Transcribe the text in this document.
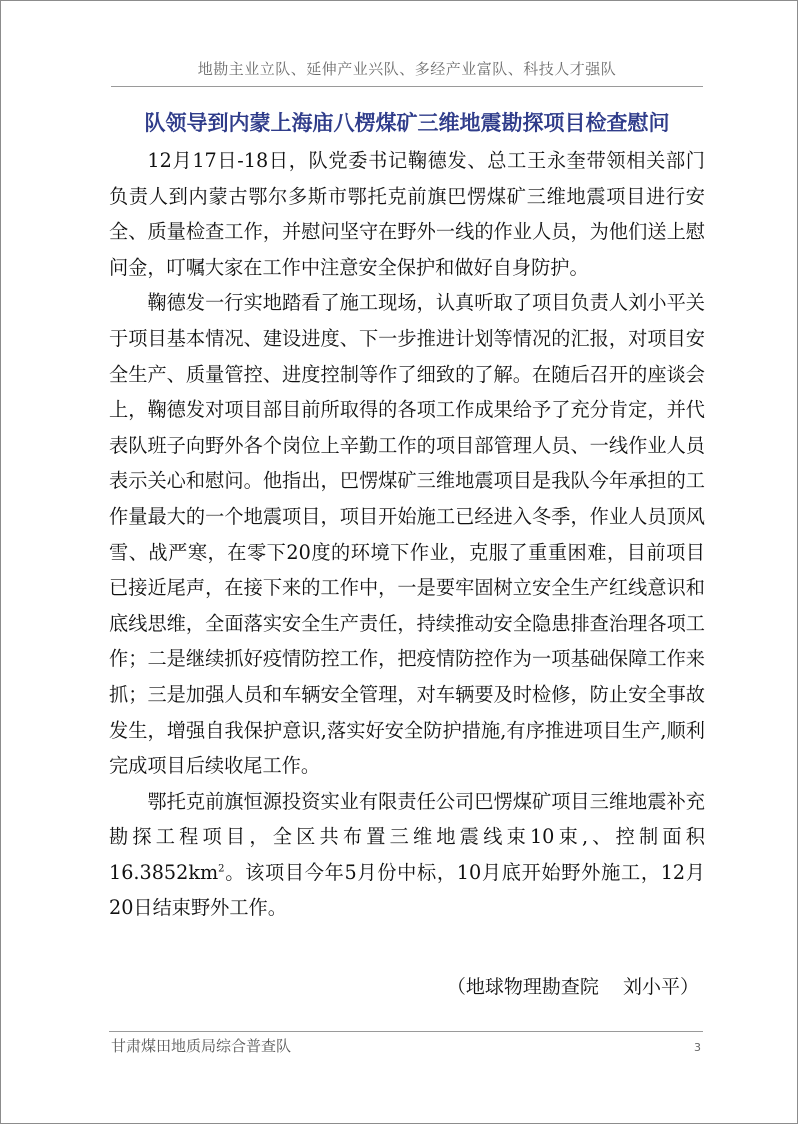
地勘主业立队、延伸产业兴队、多经产业富队、科技人才强队
队领导到内蒙上海庙八楞煤矿三维地震勘探项目检查慰问

12月17日-18日，队党委书记鞠德发、总工王永奎带领相关部门负责人到内蒙古鄂尔多斯市鄂托克前旗巴愣煤矿三维地震项目进行安全、质量检查工作，并慰问坚守在野外一线的作业人员，为他们送上慰问金，叮嘱大家在工作中注意安全保护和做好自身防护。

鞠德发一行实地踏看了施工现场，认真听取了项目负责人刘小平关于项目基本情况、建设进度、下一步推进计划等情况的汇报，对项目安全生产、质量管控、进度控制等作了细致的了解。在随后召开的座谈会上，鞠德发对项目部目前所取得的各项工作成果给予了充分肯定，并代表队班子向野外各个岗位上辛勤工作的项目部管理人员、一线作业人员表示关心和慰问。他指出，巴愣煤矿三维地震项目是我队今年承担的工作量最大的一个地震项目，项目开始施工已经进入冬季，作业人员顶风雪、战严寒，在零下20度的环境下作业，克服了重重困难，目前项目已接近尾声，在接下来的工作中，一是要牢固树立安全生产红线意识和底线思维，全面落实安全生产责任，持续推动安全隐患排查治理各项工作；二是继续抓好疫情防控工作，把疫情防控作为一项基础保障工作来抓；三是加强人员和车辆安全管理，对车辆要及时检修，防止安全事故发生，增强自我保护意识,落实好安全防护措施,有序推进项目生产,顺利完成项目后续收尾工作。

鄂托克前旗恒源投资实业有限责任公司巴愣煤矿项目三维地震补充勘探工程项目，全区共布置三维地震线束10束,、控制面积$16.3852km^2$。该项目今年5月份中标，10月底开始野外施工，12月20日结束野外工作。

（地球物理勘查院    刘小平）
甘肃煤田地质局综合普查队	3
